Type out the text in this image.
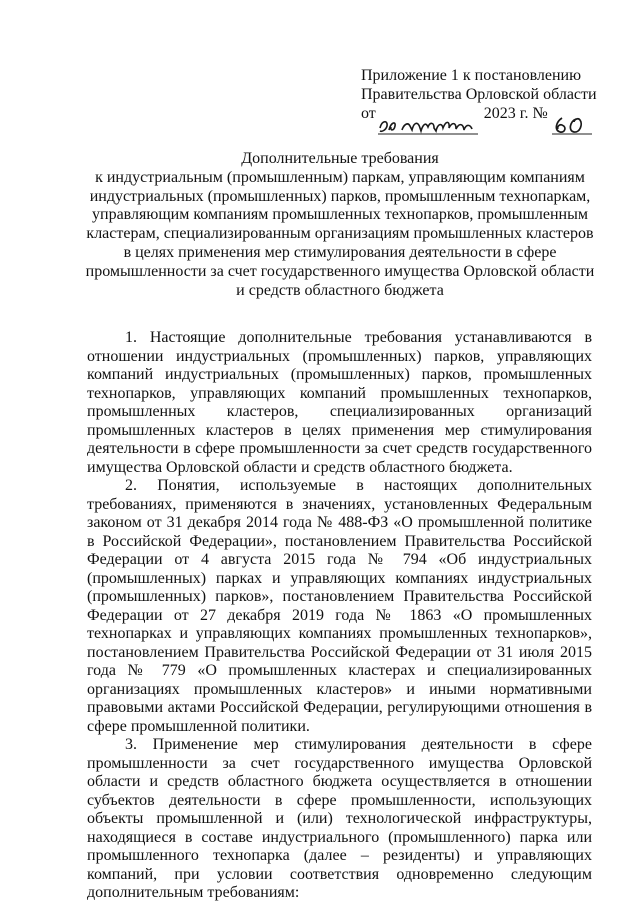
Приложение 1 к постановлению
Правительства Орловской области
от	2023 г. №
Дополнительные требования
к индустриальным (промышленным) паркам, управляющим компаниям
индустриальных (промышленных) парков, промышленным технопаркам,
управляющим компаниям промышленных технопарков, промышленным
кластерам, специализированным организациям промышленных кластеров
в целях применения мер стимулирования деятельности в сфере
промышленности за счет государственного имущества Орловской области
и средств областного бюджета

1. Настоящие дополнительные требования устанавливаются в отношении индустриальных (промышленных) парков, управляющих компаний индустриальных (промышленных) парков, промышленных технопарков, управляющих компаний промышленных технопарков, промышленных кластеров, специализированных организаций промышленных кластеров в целях применения мер стимулирования деятельности в сфере промышленности за счет средств государственного имущества Орловской области и средств областного бюджета.

2. Понятия, используемые в настоящих дополнительных требованиях, применяются в значениях, установленных Федеральным законом от 31 декабря 2014 года № 488-ФЗ «О промышленной политике в Российской Федерации», постановлением Правительства Российской Федерации от 4 августа 2015 года № 794 «Об индустриальных (промышленных) парках и управляющих компаниях индустриальных (промышленных) парков», постановлением Правительства Российской Федерации от 27 декабря 2019 года № 1863 «О промышленных технопарках и управляющих компаниях промышленных технопарков», постановлением Правительства Российской Федерации от 31 июля 2015 года № 779 «О промышленных кластерах и специализированных организациях промышленных кластеров» и иными нормативными правовыми актами Российской Федерации, регулирующими отношения в сфере промышленной политики.

3. Применение мер стимулирования деятельности в сфере промышленности за счет государственного имущества Орловской области и средств областного бюджета осуществляется в отношении субъектов деятельности в сфере промышленности, использующих объекты промышленной и (или) технологической инфраструктуры, находящиеся в составе индустриального (промышленного) парка или промышленного технопарка (далее – резиденты) и управляющих компаний, при условии соответствия одновременно следующим дополнительным требованиям:
